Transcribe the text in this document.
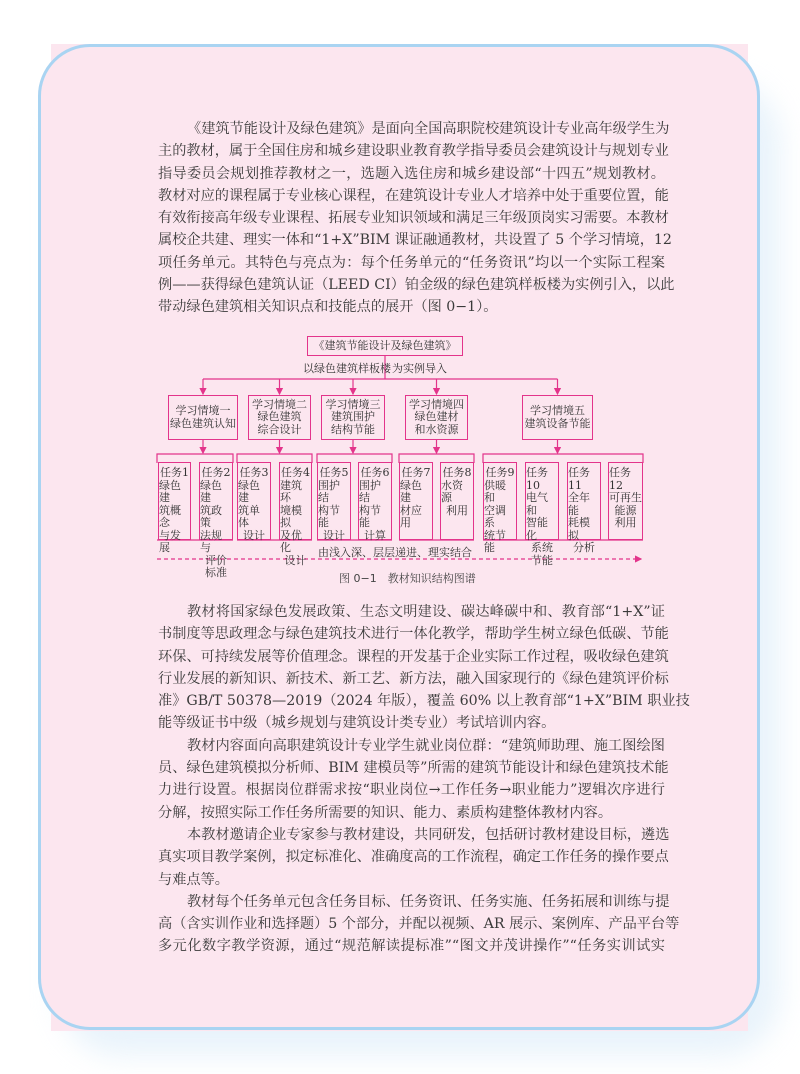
《建筑节能设计及绿色建筑》是面向全国高职院校建筑设计专业高年级学生为
主的教材，属于全国住房和城乡建设职业教育教学指导委员会建筑设计与规划专业
指导委员会规划推荐教材之一，选题入选住房和城乡建设部“十四五”规划教材。
教材对应的课程属于专业核心课程，在建筑设计专业人才培养中处于重要位置，能
有效衔接高年级专业课程、拓展专业知识领域和满足三年级顶岗实习需要。本教材
属校企共建、理实一体和“1+X”BIM 课证融通教材，共设置了 5 个学习情境，12
项任务单元。其特色与亮点为：每个任务单元的“任务资讯”均以一个实际工程案
例——获得绿色建筑认证（LEED CI）铂金级的绿色建筑样板楼为实例引入，以此
带动绿色建筑相关知识点和技能点的展开（图 0−1）。
《建筑节能设计及绿色建筑》
以绿色建筑样板楼 为实例导入
由浅入深、层层递进、理实结合
图 0−1　教材知识结构图谱
学习情境一
绿色建筑认知
任务1
绿色建
筑概念
与发展
任务2
绿色建
筑政策
法规与
评价
标准
学习情境二
绿色建筑
综合设计
任务3
绿色建
筑单体
设计
任务4
建筑环
境模拟
及优化
设计
学习情境三
建筑围护
结构节能
任务5
围护结
构节能
设计
任务6
围护结
构节能
计算
学习情境四
绿色建材
和水资源
任务7
绿色建
材应用
任务8
水资源
利用
学习情境五
建筑设备节能
任务9
供暖和
空调系
统节能
任务10
电气和
智能化
系统
节能
任务11
全年能
耗模拟
分析
任务12
可再生
能源
利用
教材将国家绿色发展政策、生态文明建设、碳达峰碳中和、教育部“1+X”证
书制度等思政理念与绿色建筑技术进行一体化教学，帮助学生树立绿色低碳、节能
环保、可持续发展等价值理念。课程的开发基于企业实际工作过程，吸收绿色建筑
行业发展的新知识、新技术、新工艺、新方法，融入国家现行的《绿色建筑评价标
准》GB/T 50378—2019（2024 年版），覆盖 60% 以上教育部“1+X”BIM 职业技
能等级证书中级（城乡规划与建筑设计类专业）考试培训内容。
教材内容面向高职建筑设计专业学生就业岗位群：“建筑师助理、施工图绘图
员、绿色建筑模拟分析师、BIM 建模员等”所需的建筑节能设计和绿色建筑技术能
力进行设置。根据岗位群需求按“职业岗位→工作任务→职业能力”逻辑次序进行
分解，按照实际工作任务所需要的知识、能力、素质构建整体教材内容。
本教材邀请企业专家参与教材建设，共同研发，包括研讨教材建设目标，遴选
真实项目教学案例，拟定标准化、准确度高的工作流程，确定工作任务的操作要点
与难点等。
教材每个任务单元包含任务目标、任务资讯、任务实施、任务拓展和训练与提
高（含实训作业和选择题）5 个部分，并配以视频、AR 展示、案例库、产品平台等
多元化数字教学资源，通过“规范解读提标准”“图文并茂讲操作”“任务实训试实
